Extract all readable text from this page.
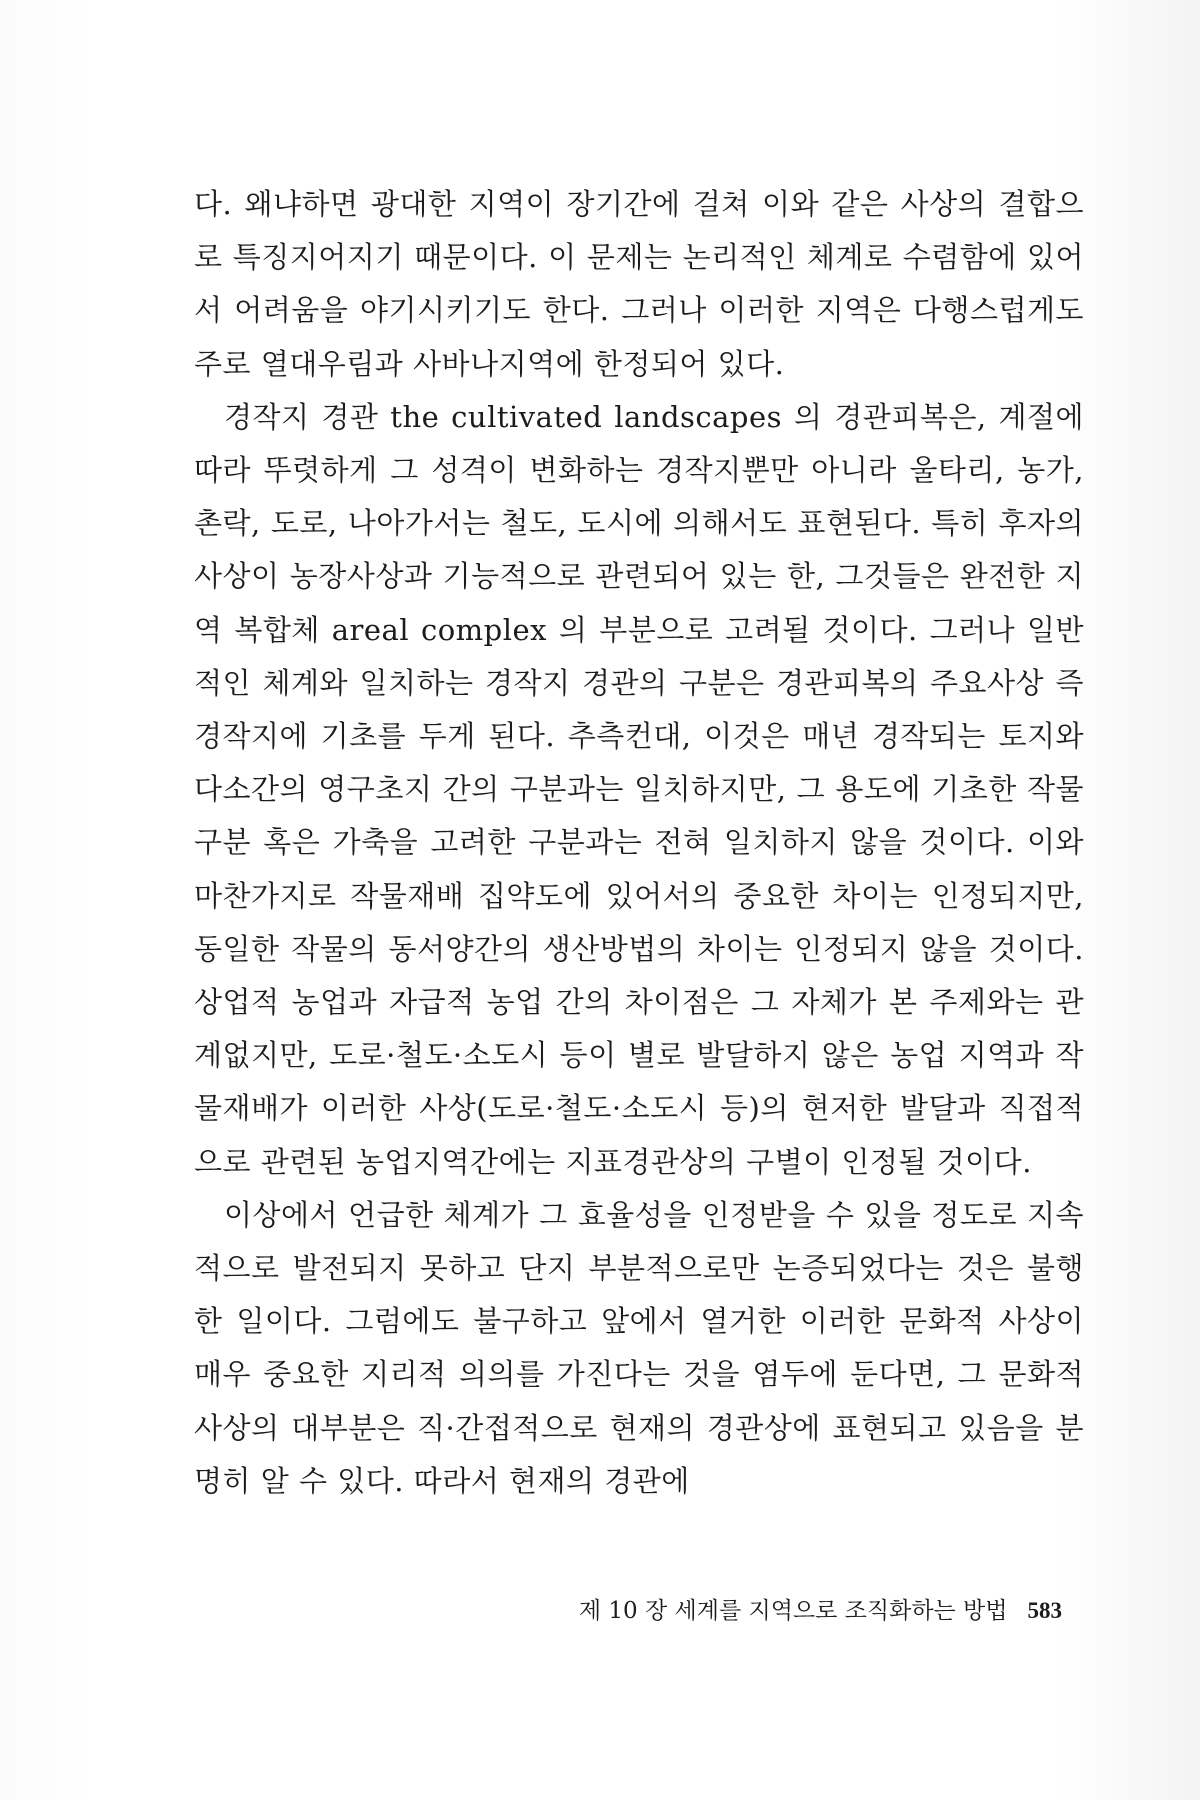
다. 왜냐하면 광대한 지역이 장기간에 걸쳐 이와 같은 사상의 결합으로 특징지어지기 때문이다. 이 문제는 논리적인 체계로 수렴함에 있어서 어려움을 야기시키기도 한다. 그러나 이러한 지역은 다행스럽게도 주로 열대우림과 사바나지역에 한정되어 있다.

경작지 경관 the cultivated landscapes 의 경관피복은, 계절에 따라 뚜렷하게 그 성격이 변화하는 경작지뿐만 아니라 울타리, 농가, 촌락, 도로, 나아가서는 철도, 도시에 의해서도 표현된다. 특히 후자의 사상이 농장사상과 기능적으로 관련되어 있는 한, 그것들은 완전한 지역 복합체 areal complex 의 부분으로 고려될 것이다. 그러나 일반적인 체계와 일치하는 경작지 경관의 구분은 경관피복의 주요사상 즉 경작지에 기초를 두게 된다. 추측컨대, 이것은 매년 경작되는 토지와 다소간의 영구초지 간의 구분과는 일치하지만, 그 용도에 기초한 작물구분 혹은 가축을 고려한 구분과는 전혀 일치하지 않을 것이다. 이와 마찬가지로 작물재배 집약도에 있어서의 중요한 차이는 인정되지만, 동일한 작물의 동서양간의 생산방법의 차이는 인정되지 않을 것이다. 상업적 농업과 자급적 농업 간의 차이점은 그 자체가 본 주제와는 관계없지만, 도로·철도·소도시 등이 별로 발달하지 않은 농업 지역과 작물재배가 이러한 사상(도로·철도·소도시 등)의 현저한 발달과 직접적으로 관련된 농업지역간에는 지표경관상의 구별이 인정될 것이다.

이상에서 언급한 체계가 그 효율성을 인정받을 수 있을 정도로 지속적으로 발전되지 못하고 단지 부분적으로만 논증되었다는 것은 불행한 일이다. 그럼에도 불구하고 앞에서 열거한 이러한 문화적 사상이 매우 중요한 지리적 의의를 가진다는 것을 염두에 둔다면, 그 문화적 사상의 대부분은 직·간접적으로 현재의 경관상에 표현되고 있음을 분명히 알 수 있다. 따라서 현재의 경관에

제 10 장 세계를 지역으로 조직화하는 방법 583
